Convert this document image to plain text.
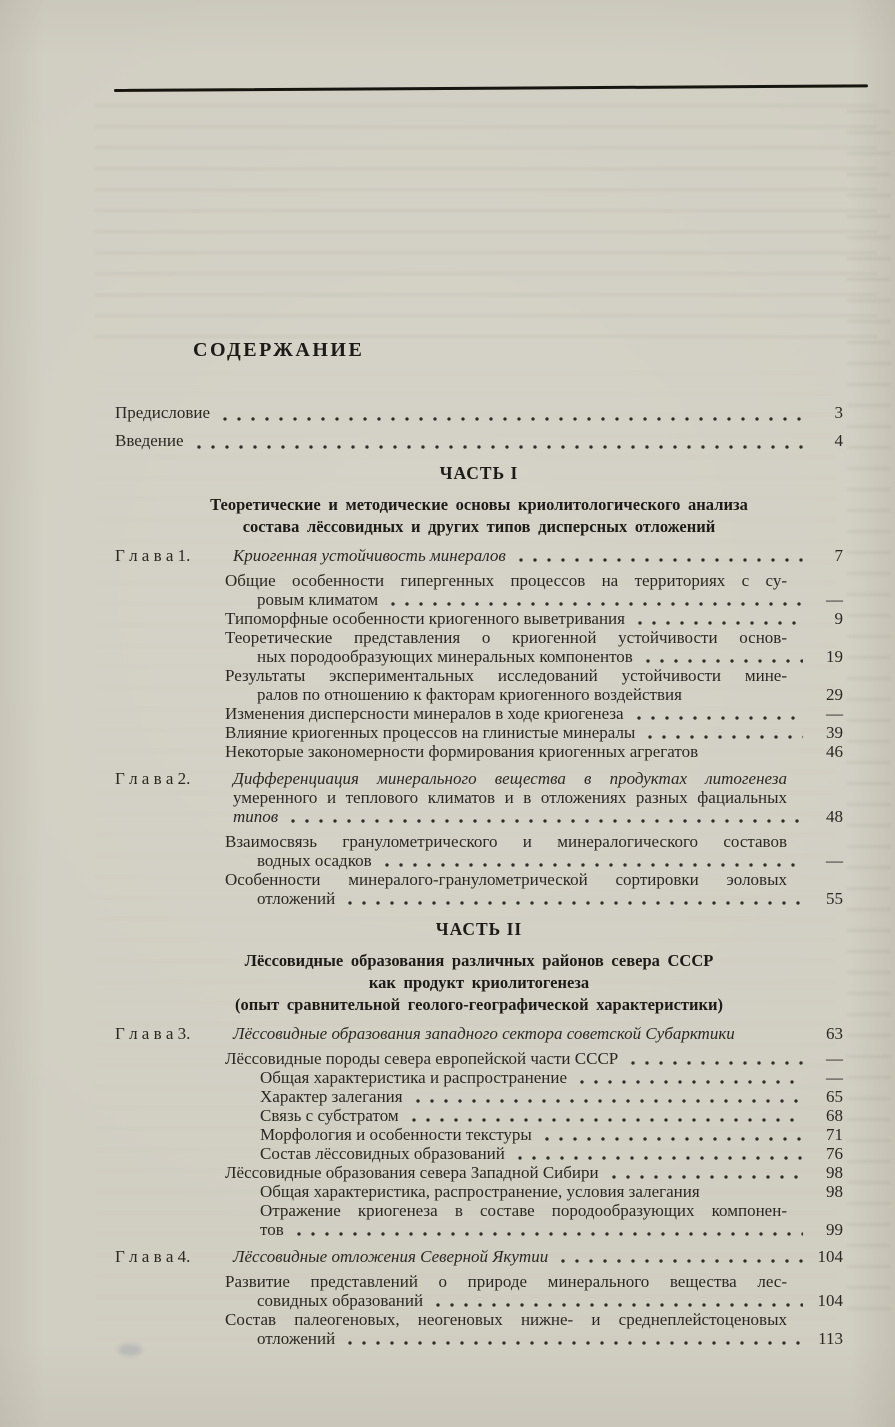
СОДЕРЖАНИЕ
Предисловие	3
Введение	4
ЧАСТЬ I
Теоретические и методические основы криолитологического анализа
состава лёссовидных и других типов дисперсных отложений
Г л а в а 1.	Криогенная устойчивость минералов	7
Общие особенности гипергенных процессов на территориях с су-
ровым климатом	—
Типоморфные особенности криогенного выветривания	9
Теоретические представления о криогенной устойчивости основ-
ных породообразующих минеральных компонентов	19
Результаты экспериментальных исследований устойчивости мине-
ралов по отношению к факторам криогенного воздействия	29
Изменения дисперсности минералов в ходе криогенеза	—
Влияние криогенных процессов на глинистые минералы	39
Некоторые закономерности формирования криогенных агрегатов	46
Г л а в а 2.	Дифференциация минерального вещества в продуктах литогенеза
умеренного и теплового климатов и в отложениях разных фациальных
типов	48
Взаимосвязь гранулометрического и минералогического составов
водных осадков	—
Особенности минералого-гранулометрической сортировки эоловых
отложений	55
ЧАСТЬ II
Лёссовидные образования различных районов севера СССР
как продукт криолитогенеза
(опыт сравнительной геолого-географической характеристики)
Г л а в а 3.	Лёссовидные образования западного сектора советской Субарктики	63
Лёссовидные породы севера европейской части СССР	—
Общая характеристика и распространение	—
Характер залегания	65
Связь с субстратом	68
Морфология и особенности текстуры	71
Состав лёссовидных образований	76
Лёссовидные образования севера Западной Сибири	98
Общая характеристика, распространение, условия залегания	98
Отражение криогенеза в составе породообразующих компонен-
тов	99
Г л а в а 4.	Лёссовидные отложения Северной Якутии	104
Развитие представлений о природе минерального вещества лес-
совидных образований	104
Состав палеогеновых, неогеновых нижне- и среднеплейстоценовых
отложений	113
